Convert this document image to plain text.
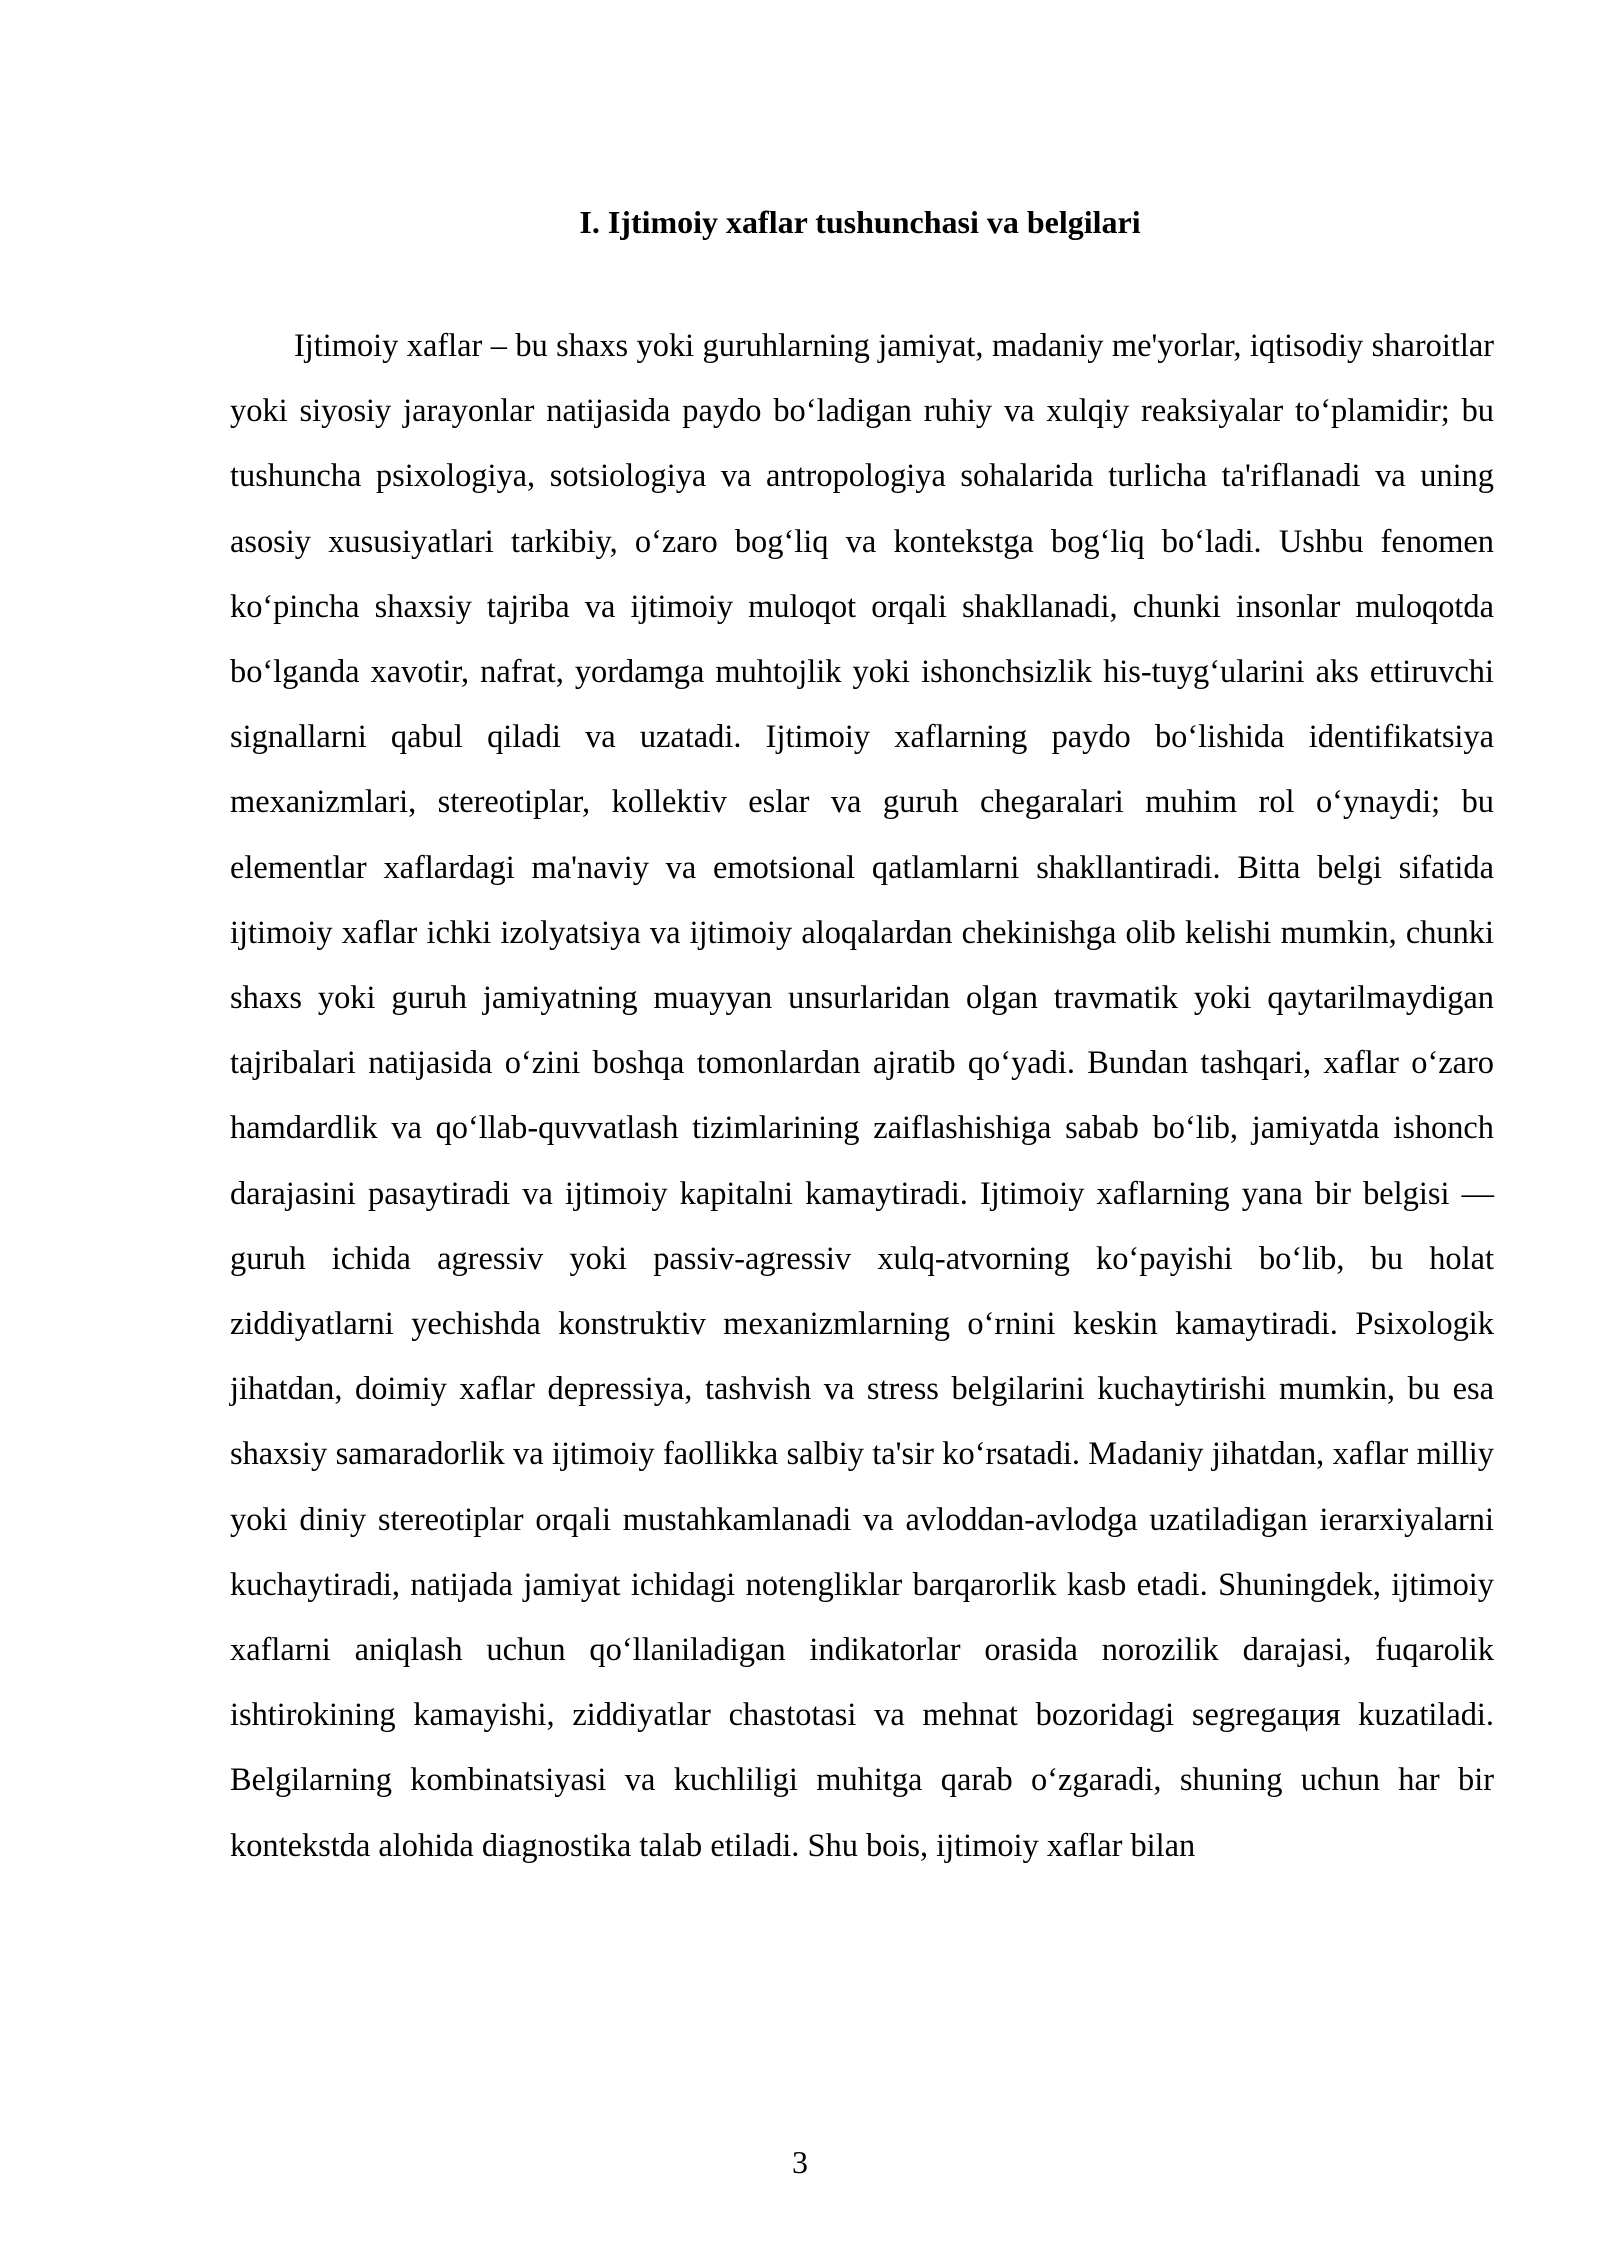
I. Ijtimoiy xaflar tushunchasi va belgilari

Ijtimoiy xaflar – bu shaxs yoki guruhlarning jamiyat, madaniy me'yorlar, iqtisodiy sharoitlar yoki siyosiy jarayonlar natijasida paydo bo‘ladigan ruhiy va xulqiy reaksiyalar to‘plamidir; bu tushuncha psixologiya, sotsiologiya va antropologiya sohalarida turlicha ta'riflanadi va uning asosiy xususiyatlari tarkibiy, o‘zaro bog‘liq va kontekstga bog‘liq bo‘ladi. Ushbu fenomen ko‘pincha shaxsiy tajriba va ijtimoiy muloqot orqali shakllanadi, chunki insonlar muloqotda bo‘lganda xavotir, nafrat, yordamga muhtojlik yoki ishonchsizlik his-tuyg‘ularini aks ettiruvchi signallarni qabul qiladi va uzatadi. Ijtimoiy xaflarning paydo bo‘lishida identifikatsiya mexanizmlari, stereotiplar, kollektiv eslar va guruh chegaralari muhim rol o‘ynaydi; bu elementlar xaflardagi ma'naviy va emotsional qatlamlarni shakllantiradi. Bitta belgi sifatida ijtimoiy xaflar ichki izolyatsiya va ijtimoiy aloqalardan chekinishga olib kelishi mumkin, chunki shaxs yoki guruh jamiyatning muayyan unsurlaridan olgan travmatik yoki qaytarilmaydigan tajribalari natijasida o‘zini boshqa tomonlardan ajratib qo‘yadi. Bundan tashqari, xaflar o‘zaro hamdardlik va qo‘llab-quvvatlash tizimlarining zaiflashishiga sabab bo‘lib, jamiyatda ishonch darajasini pasaytiradi va ijtimoiy kapitalni kamaytiradi. Ijtimoiy xaflarning yana bir belgisi — guruh ichida agressiv yoki passiv-agressiv xulq-atvorning ko‘payishi bo‘lib, bu holat ziddiyatlarni yechishda konstruktiv mexanizmlarning o‘rnini keskin kamaytiradi. Psixologik jihatdan, doimiy xaflar depressiya, tashvish va stress belgilarini kuchaytirishi mumkin, bu esa shaxsiy samaradorlik va ijtimoiy faollikka salbiy ta'sir ko‘rsatadi. Madaniy jihatdan, xaflar milliy yoki diniy stereotiplar orqali mustahkamlanadi va avloddan-avlodga uzatiladigan ierarxiyalarni kuchaytiradi, natijada jamiyat ichidagi notengliklar barqarorlik kasb etadi. Shuningdek, ijtimoiy xaflarni aniqlash uchun qo‘llaniladigan indikatorlar orasida norozilik darajasi, fuqarolik ishtirokining kamayishi, ziddiyatlar chastotasi va mehnat bozoridagi segregация kuzatiladi. Belgilarning kombinatsiyasi va kuchliligi muhitga qarab o‘zgaradi, shuning uchun har bir kontekstda alohida diagnostika talab etiladi. Shu bois, ijtimoiy xaflar bilan

3
